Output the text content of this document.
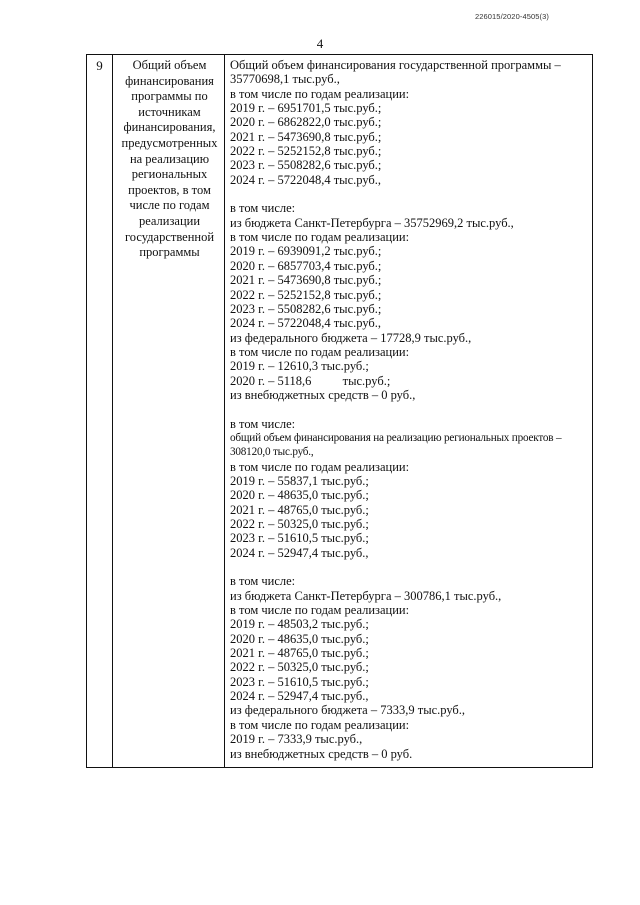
226015/2020-4505(3)
4
9	Общий объем финансирования программы по источникам финансирования, предусмотренных на реализацию региональных проектов, в том числе по годам реализации государственной программы

Общий объем финансирования государственной программы –
35770698,1 тыс.руб.,
в том числе по годам реализации:
2019 г. – 6951701,5 тыс.руб.;
2020 г. – 6862822,0 тыс.руб.;
2021 г. – 5473690,8 тыс.руб.;
2022 г. – 5252152,8 тыс.руб.;
2023 г. – 5508282,6 тыс.руб.;
2024 г. – 5722048,4 тыс.руб.,
в том числе:
из бюджета Санкт-Петербурга – 35752969,2 тыс.руб.,
в том числе по годам реализации:
2019 г. – 6939091,2 тыс.руб.;
2020 г. – 6857703,4 тыс.руб.;
2021 г. – 5473690,8 тыс.руб.;
2022 г. – 5252152,8 тыс.руб.;
2023 г. – 5508282,6 тыс.руб.;
2024 г. – 5722048,4 тыс.руб.,
из федерального бюджета – 17728,9 тыс.руб.,
в том числе по годам реализации:
2019 г. – 12610,3 тыс.руб.;
2020 г. – 5118,6          тыс.руб.;
из внебюджетных средств – 0 руб.,
в том числе:
общий объем финансирования на реализацию региональных проектов –
308120,0 тыс.руб.,
в том числе по годам реализации:
2019 г. – 55837,1 тыс.руб.;
2020 г. – 48635,0 тыс.руб.;
2021 г. – 48765,0 тыс.руб.;
2022 г. – 50325,0 тыс.руб.;
2023 г. – 51610,5 тыс.руб.;
2024 г. – 52947,4 тыс.руб.,
в том числе:
из бюджета Санкт-Петербурга – 300786,1 тыс.руб.,
в том числе по годам реализации:
2019 г. – 48503,2 тыс.руб.;
2020 г. – 48635,0 тыс.руб.;
2021 г. – 48765,0 тыс.руб.;
2022 г. – 50325,0 тыс.руб.;
2023 г. – 51610,5 тыс.руб.;
2024 г. – 52947,4 тыс.руб.,
из федерального бюджета – 7333,9 тыс.руб.,
в том числе по годам реализации:
2019 г. – 7333,9 тыс.руб.,
из внебюджетных средств – 0 руб.
